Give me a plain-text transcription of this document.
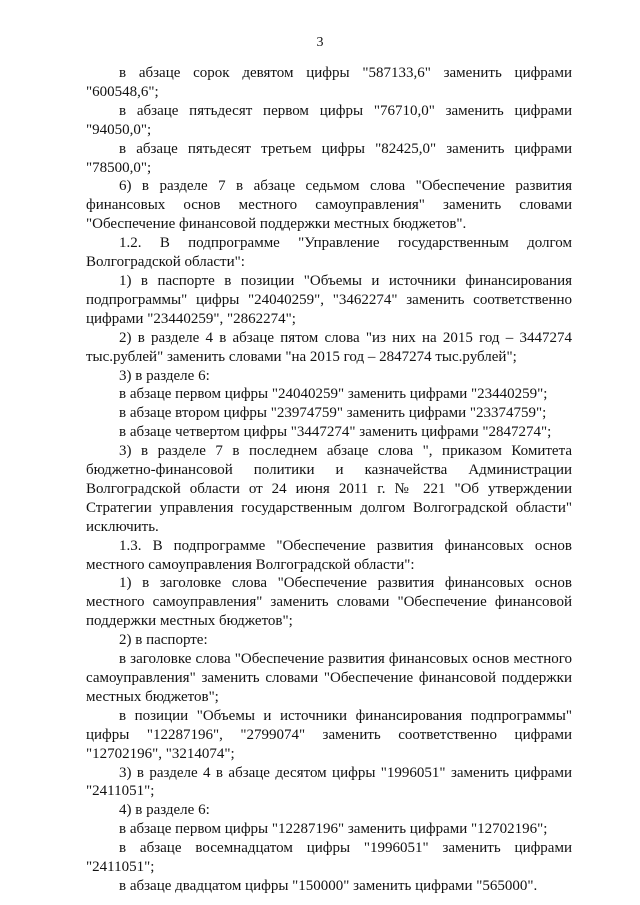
3

в абзаце сорок девятом цифры "587133,6" заменить цифрами "600548,6";

в абзаце пятьдесят первом цифры "76710,0" заменить цифрами "94050,0";

в абзаце пятьдесят третьем цифры "82425,0" заменить цифрами "78500,0";

6) в разделе 7 в абзаце седьмом слова "Обеспечение развития финансовых основ местного самоуправления" заменить словами "Обеспечение финансовой поддержки местных бюджетов".

1.2. В подпрограмме "Управление государственным долгом Волгоградской области":

1) в паспорте в позиции "Объемы и источники финансирования подпрограммы" цифры "24040259", "3462274" заменить соответственно цифрами "23440259", "2862274";

2) в разделе 4 в абзаце пятом слова "из них на 2015 год – 3447274 тыс.рублей" заменить словами "на 2015 год – 2847274 тыс.рублей";

3) в разделе 6:

в абзаце первом цифры "24040259" заменить цифрами "23440259";

в абзаце втором цифры "23974759" заменить цифрами "23374759";

в абзаце четвертом цифры "3447274" заменить цифрами "2847274";

3) в разделе 7 в последнем абзаце слова ", приказом Комитета бюджетно-финансовой политики и казначейства Администрации Волгоградской области от 24 июня 2011 г. № 221 "Об утверждении Стратегии управления государственным долгом Волгоградской области" исключить.

1.3. В подпрограмме "Обеспечение развития финансовых основ местного самоуправления Волгоградской области":

1) в заголовке слова "Обеспечение развития финансовых основ местного самоуправления" заменить словами "Обеспечение финансовой поддержки местных бюджетов";

2) в паспорте:

в заголовке слова "Обеспечение развития финансовых основ местного самоуправления" заменить словами "Обеспечение финансовой поддержки местных бюджетов";

в позиции "Объемы и источники финансирования подпрограммы" цифры "12287196", "2799074" заменить соответственно цифрами "12702196", "3214074";

3) в разделе 4 в абзаце десятом цифры "1996051" заменить цифрами "2411051";

4) в разделе 6:

в абзаце первом цифры "12287196" заменить цифрами "12702196";

в абзаце восемнадцатом цифры "1996051" заменить цифрами "2411051";

в абзаце двадцатом цифры "150000" заменить цифрами "565000".
